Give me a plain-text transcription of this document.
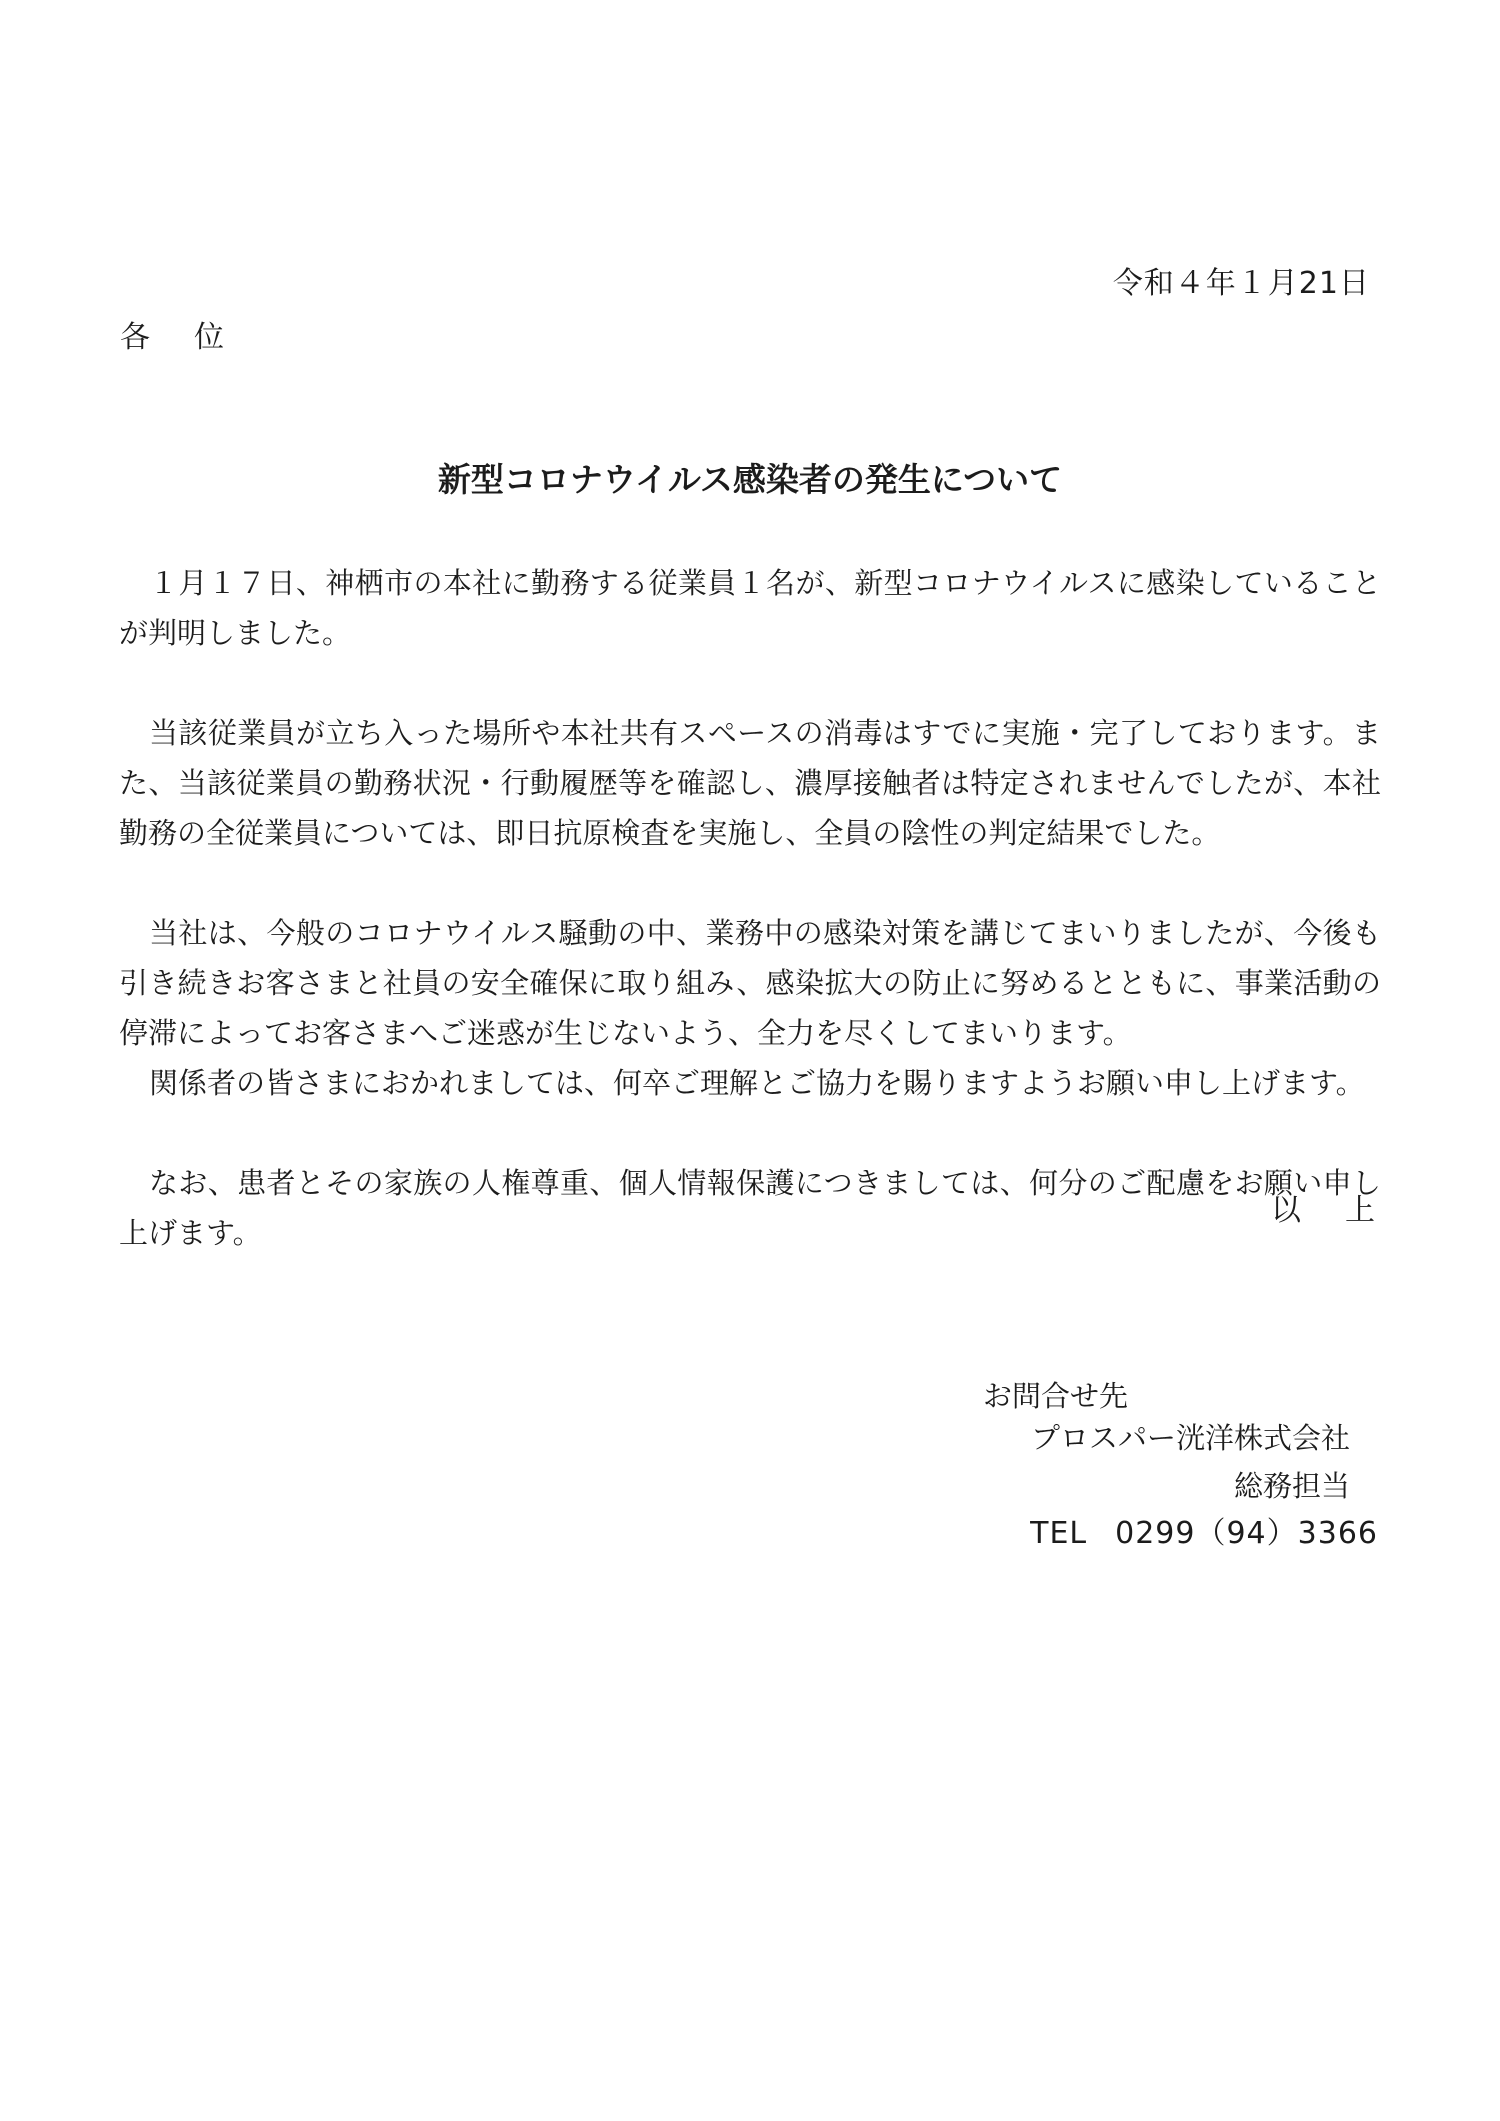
令和４年１月21日
各位
新型コロナウイルス感染者の発生について

１月１７日、神栖市の本社に勤務する従業員１名が、新型コロナウイルスに感染していることが判明しました。

当該従業員が立ち入った場所や本社共有スペースの消毒はすでに実施・完了しております。また、当該従業員の勤務状況・行動履歴等を確認し、濃厚接触者は特定されませんでしたが、本社勤務の全従業員については、即日抗原検査を実施し、全員の陰性の判定結果でした。

当社は、今般のコロナウイルス騒動の中、業務中の感染対策を講じてまいりましたが、今後も引き続きお客さまと社員の安全確保に取り組み、感染拡大の防止に努めるとともに、事業活動の停滞によってお客さまへご迷惑が生じないよう、全力を尽くしてまいります。

関係者の皆さまにおかれましては、何卒ご理解とご協力を賜りますようお願い申し上げます。

なお、患者とその家族の人権尊重、個人情報保護につきましては、何分のご配慮をお願い申し上げます。

以上
お問合せ先
プロスパー洸洋株式会社
総務担当
TEL 0299（94）3366
